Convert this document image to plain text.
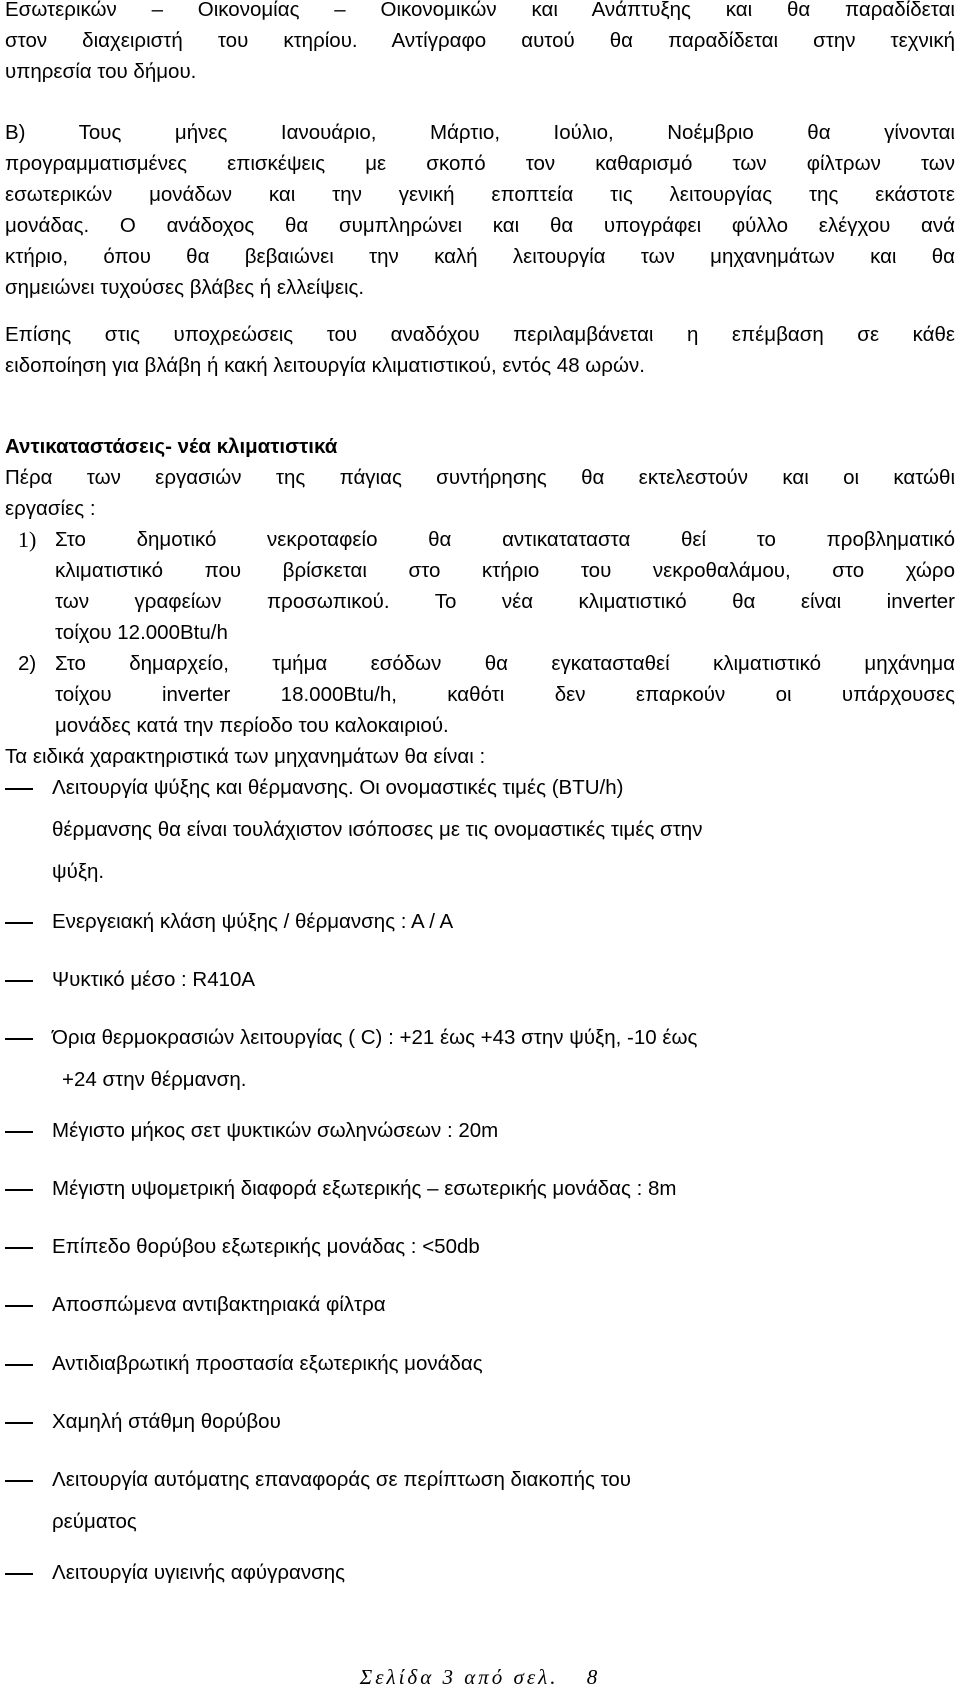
Εσωτερικών – Οικονομίας – Οικονομικών και Ανάπτυξης και θα παραδίδεται
στον διαχειριστή του κτηρίου. Αντίγραφο αυτού θα παραδίδεται στην τεχνική
υπηρεσία του δήμου.
Β) Τους μήνες Ιανουάριο, Μάρτιο, Ιούλιο, Νοέμβριο θα γίνονται
προγραμματισμένες επισκέψεις με σκοπό τον καθαρισμό των φίλτρων των
εσωτερικών μονάδων και την γενική εποπτεία τις λειτουργίας της εκάστοτε
μονάδας. Ο ανάδοχος θα συμπληρώνει και θα υπογράφει φύλλο ελέγχου ανά
κτήριο, όπου θα βεβαιώνει την καλή λειτουργία των μηχανημάτων και θα
σημειώνει τυχούσες βλάβες ή ελλείψεις.
Επίσης στις υποχρεώσεις του αναδόχου περιλαμβάνεται η επέμβαση σε κάθε
ειδοποίηση για βλάβη ή κακή λειτουργία κλιματιστικού, εντός 48 ωρών.
Αντικαταστάσεις- νέα κλιματιστικά
Πέρα των εργασιών της πάγιας συντήρησης θα εκτελεστούν και οι κατώθι
εργασίες :
1) Στο δημοτικό νεκροταφείο θα αντικαταταστα θεί το προβληματικό
κλιματιστικό που βρίσκεται στο κτήριο του νεκροθαλάμου, στο χώρο
των γραφείων προσωπικού. Το νέα κλιματιστικό θα είναι inverter
τοίχου 12.000Btu/h
2) Στο δημαρχείο, τμήμα εσόδων θα εγκατασταθεί κλιματιστικό μηχάνημα
τοίχου inverter 18.000Btu/h, καθότι δεν επαρκούν οι υπάρχουσες
μονάδες κατά την περίοδο του καλοκαιριού.
Τα ειδικά χαρακτηριστικά των μηχανημάτων θα είναι :
Λειτουργία ψύξης και θέρμανσης. Οι ονομαστικές τιμές (BTU/h)
θέρμανσης θα είναι τουλάχιστον ισόποσες με τις ονομαστικές τιμές στην
ψύξη.
Ενεργειακή κλάση ψύξης / θέρμανσης : Α / Α
Ψυκτικό μέσο : R410A
Όρια θερμοκρασιών λειτουργίας ( C) : +21 έως +43 στην ψύξη, -10 έως
+24 στην θέρμανση.
Μέγιστο μήκος σετ ψυκτικών σωληνώσεων : 20m
Μέγιστη υψομετρική διαφορά εξωτερικής – εσωτερικής μονάδας : 8m
Επίπεδο θορύβου εξωτερικής μονάδας : <50db
Αποσπώμενα αντιβακτηριακά φίλτρα
Αντιδιαβρωτική προστασία εξωτερικής μονάδας
Χαμηλή στάθμη θορύβου
Λειτουργία αυτόματης επαναφοράς σε περίπτωση διακοπής του
ρεύματος
Λειτουργία υγιεινής αφύγρανσης
Σελίδα 3 από σελ. 8
